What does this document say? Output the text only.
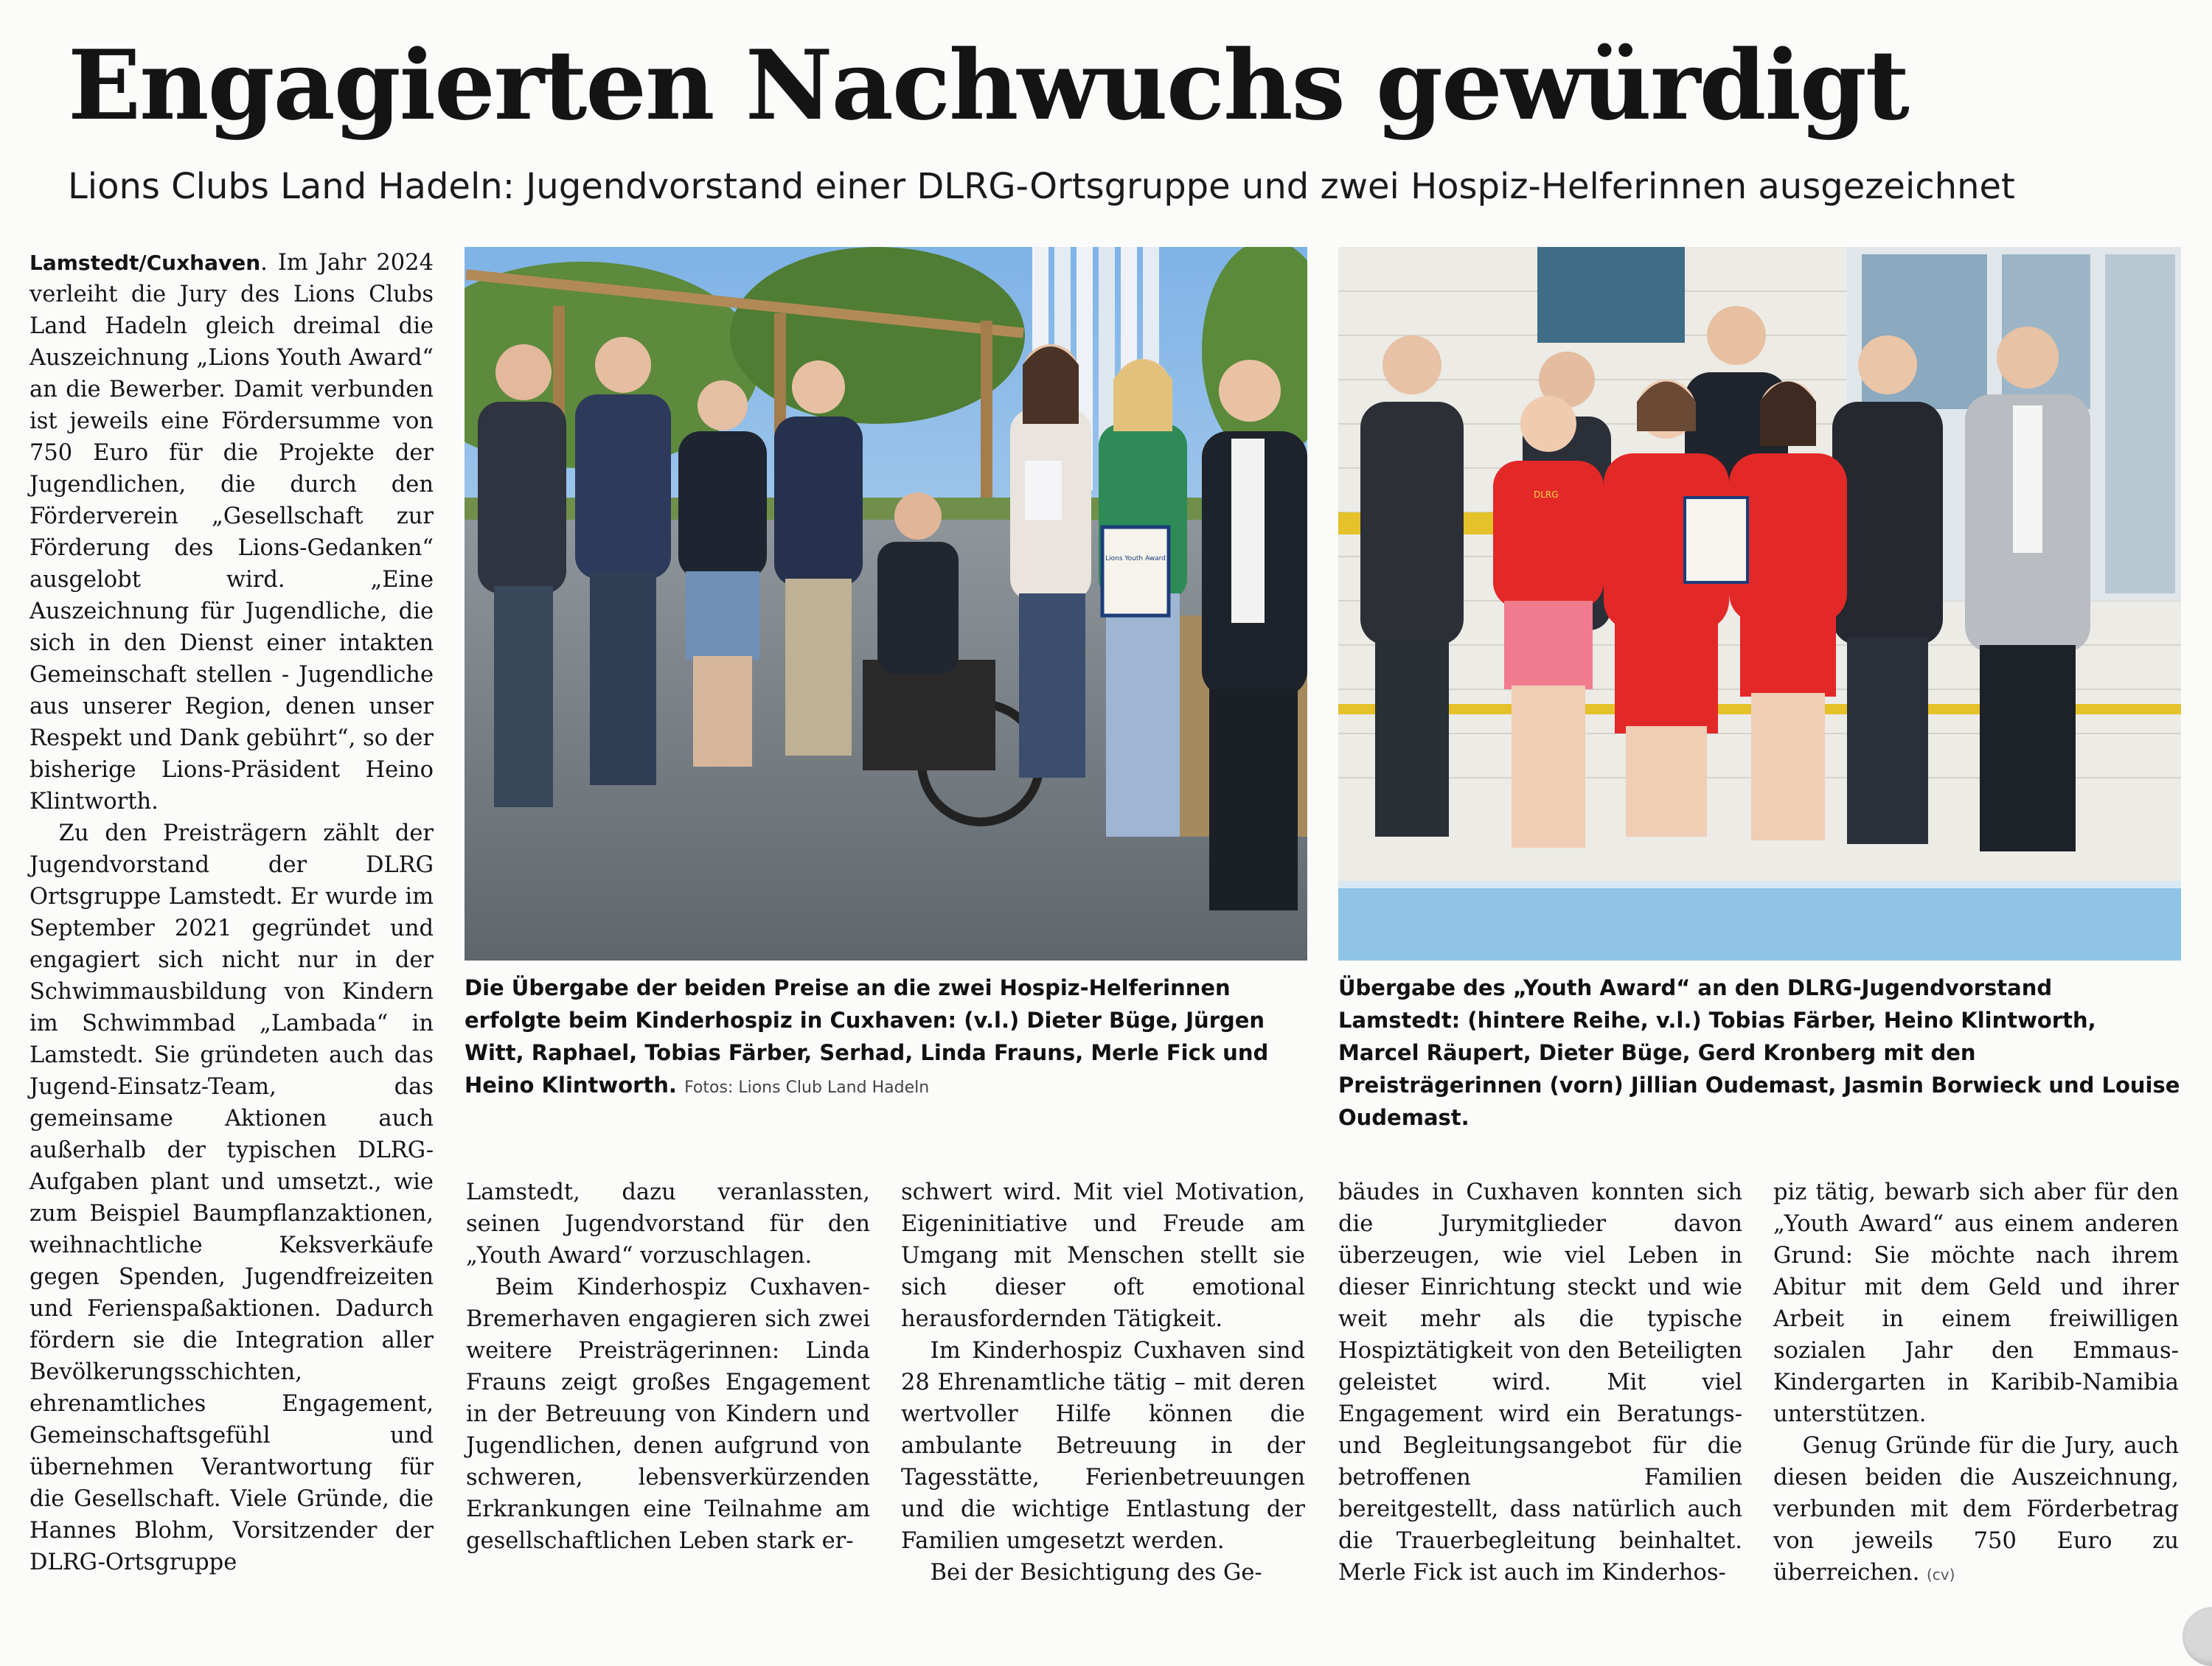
Engagierten Nachwuchs gewürdigt
Lions Clubs Land Hadeln: Jugendvorstand einer DLRG-Ortsgruppe und zwei Hospiz-Helferinnen ausgezeichnet

Lamstedt/Cuxhaven. Im Jahr 2024 verleiht die Jury des Lions Clubs Land Hadeln gleich dreimal die Auszeichnung „Lions Youth Award“ an die Bewerber. Damit verbunden ist jeweils eine Fördersumme von 750 Euro für die Projekte der Jugendlichen, die durch den Förderverein „Gesellschaft zur Förderung des Lions-Gedanken“ ausgelobt wird. „Eine Auszeichnung für Jugendliche, die sich in den Dienst einer intakten Gemeinschaft stellen - Jugendliche aus unserer Region, denen unser Respekt und Dank gebührt“, so der bisherige Lions-Präsident Heino Klintworth.

Zu den Preisträgern zählt der Jugendvorstand der DLRG Ortsgruppe Lamstedt. Er wurde im September 2021 gegründet und engagiert sich nicht nur in der Schwimmausbildung von Kindern im Schwimmbad „Lambada“ in Lamstedt. Sie gründeten auch das Jugend-Einsatz-Team, das gemeinsame Aktionen auch außerhalb der typischen DLRG-Aufgaben plant und umsetzt., wie zum Beispiel Baumpflanzaktionen, weihnachtliche Keksverkäufe gegen Spenden, Jugendfreizeiten und Ferienspaßaktionen. Dadurch fördern sie die Integration aller Bevölkerungsschichten, ehrenamtliches Engagement, Gemeinschaftsgefühl und übernehmen Verantwortung für die Gesellschaft. Viele Gründe, die Hannes Blohm, Vorsitzender der DLRG-Ortsgruppe

Lions Youth Award
Die Übergabe der beiden Preise an die zwei Hospiz-Helferinnen erfolgte beim Kinderhospiz in Cuxhaven: (v.l.) Dieter Büge, Jürgen Witt, Raphael, Tobias Färber, Serhad, Linda Frauns, Merle Fick und Heino Klintworth. Fotos: Lions Club Land Hadeln
DLRG
Übergabe des „Youth Award“ an den DLRG-Jugendvorstand Lamstedt: (hintere Reihe, v.l.) Tobias Färber, Heino Klintworth, Marcel Räupert, Dieter Büge, Gerd Kronberg mit den Preisträgerinnen (vorn) Jillian Oudemast, Jasmin Borwieck und Louise Oudemast.

Lamstedt, dazu veranlassten, seinen Jugendvorstand für den „Youth Award“ vorzuschlagen.

Beim Kinderhospiz Cuxhaven-Bremerhaven engagieren sich zwei weitere Preisträgerinnen: Linda Frauns zeigt großes Engagement in der Betreuung von Kindern und Jugendlichen, denen aufgrund von schweren, lebensverkürzenden Erkrankungen eine Teilnahme am gesellschaftlichen Leben stark er-

schwert wird. Mit viel Motivation, Eigeninitiative und Freude am Umgang mit Menschen stellt sie sich dieser oft emotional herausfordernden Tätigkeit.

Im Kinderhospiz Cuxhaven sind 28 Ehrenamtliche tätig – mit deren wertvoller Hilfe können die ambulante Betreuung in der Tagesstätte, Ferienbetreuungen und die wichtige Entlastung der Familien umgesetzt werden.

Bei der Besichtigung des Ge-

bäudes in Cuxhaven konnten sich die Jurymitglieder davon überzeugen, wie viel Leben in dieser Einrichtung steckt und wie weit mehr als die typische Hospiztätigkeit von den Beteiligten geleistet wird. Mit viel Engagement wird ein Beratungs- und Begleitungsangebot für die betroffenen Familien bereitgestellt, dass natürlich auch die Trauerbegleitung beinhaltet. Merle Fick ist auch im Kinderhos-

piz tätig, bewarb sich aber für den „Youth Award“ aus einem anderen Grund: Sie möchte nach ihrem Abitur mit dem Geld und ihrer Arbeit in einem freiwilligen sozialen Jahr den Emmaus-Kindergarten in Karibib-Namibia unterstützen.

Genug Gründe für die Jury, auch diesen beiden die Auszeichnung, verbunden mit dem Förderbetrag von jeweils 750 Euro zu überreichen. (cv)
